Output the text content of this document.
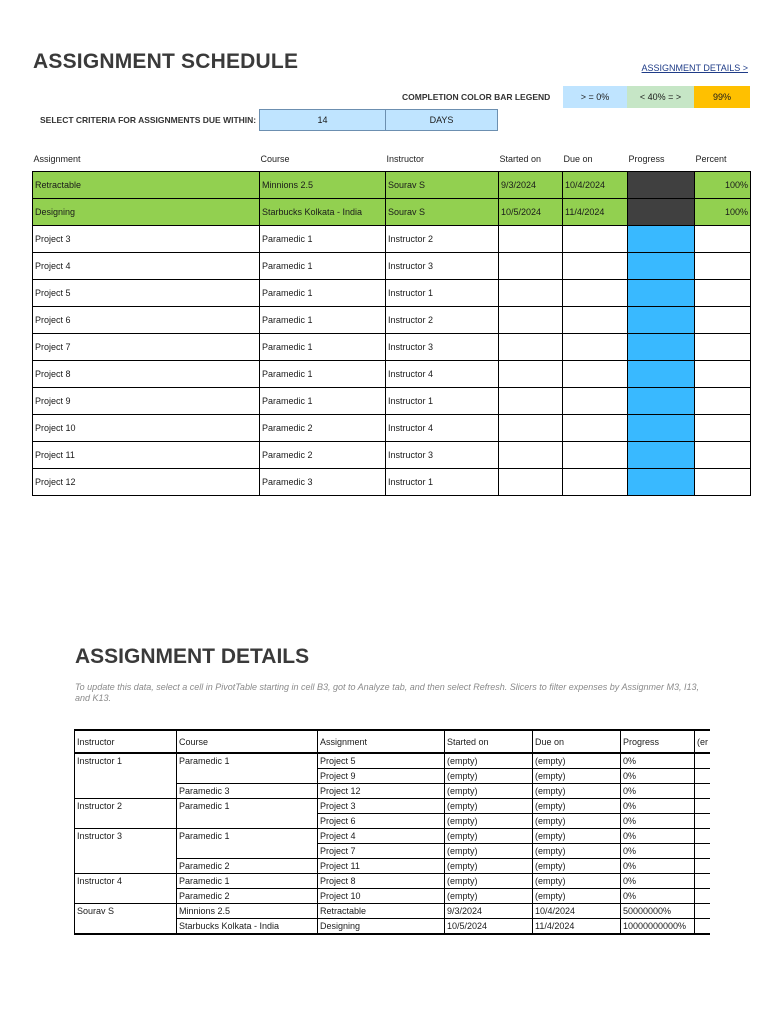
ASSIGNMENT SCHEDULE	ASSIGNMENT DETAILS >
COMPLETION COLOR BAR LEGEND	> = 0%	< 40% = >	99%
SELECT CRITERIA FOR ASSIGNMENTS DUE WITHIN:	14	DAYS
Assignment	Course	Instructor	Started on	Due on	Progress	Percent
Retractable	Minnions 2.5	Sourav S	9/3/2024	10/4/2024		100%
Designing	Starbucks Kolkata - India	Sourav S	10/5/2024	11/4/2024		100%
Project 3	Paramedic 1	Instructor 2				
Project 4	Paramedic 1	Instructor 3				
Project 5	Paramedic 1	Instructor 1				
Project 6	Paramedic 1	Instructor 2				
Project 7	Paramedic 1	Instructor 3				
Project 8	Paramedic 1	Instructor 4				
Project 9	Paramedic 1	Instructor 1				
Project 10	Paramedic 2	Instructor 4				
Project 11	Paramedic 2	Instructor 3				
Project 12	Paramedic 3	Instructor 1				
ASSIGNMENT DETAILS
To update this data, select a cell in PivotTable starting in cell B3, got to Analyze tab, and then select Refresh. Slicers to filter expenses by Assignmer M3, I13, and K13.
Instructor	Course	Assignment	Started on	Due on	Progress	(er
Instructor 1	Paramedic 1	Project 5	(empty)	(empty)	0%	
		Project 9	(empty)	(empty)	0%	
	Paramedic 3	Project 12	(empty)	(empty)	0%	
Instructor 2	Paramedic 1	Project 3	(empty)	(empty)	0%	
		Project 6	(empty)	(empty)	0%	
Instructor 3	Paramedic 1	Project 4	(empty)	(empty)	0%	
		Project 7	(empty)	(empty)	0%	
	Paramedic 2	Project 11	(empty)	(empty)	0%	
Instructor 4	Paramedic 1	Project 8	(empty)	(empty)	0%	
	Paramedic 2	Project 10	(empty)	(empty)	0%	
Sourav S	Minnions 2.5	Retractable	9/3/2024	10/4/2024	50000000%	
	Starbucks Kolkata - India	Designing	10/5/2024	11/4/2024	10000000000%	
